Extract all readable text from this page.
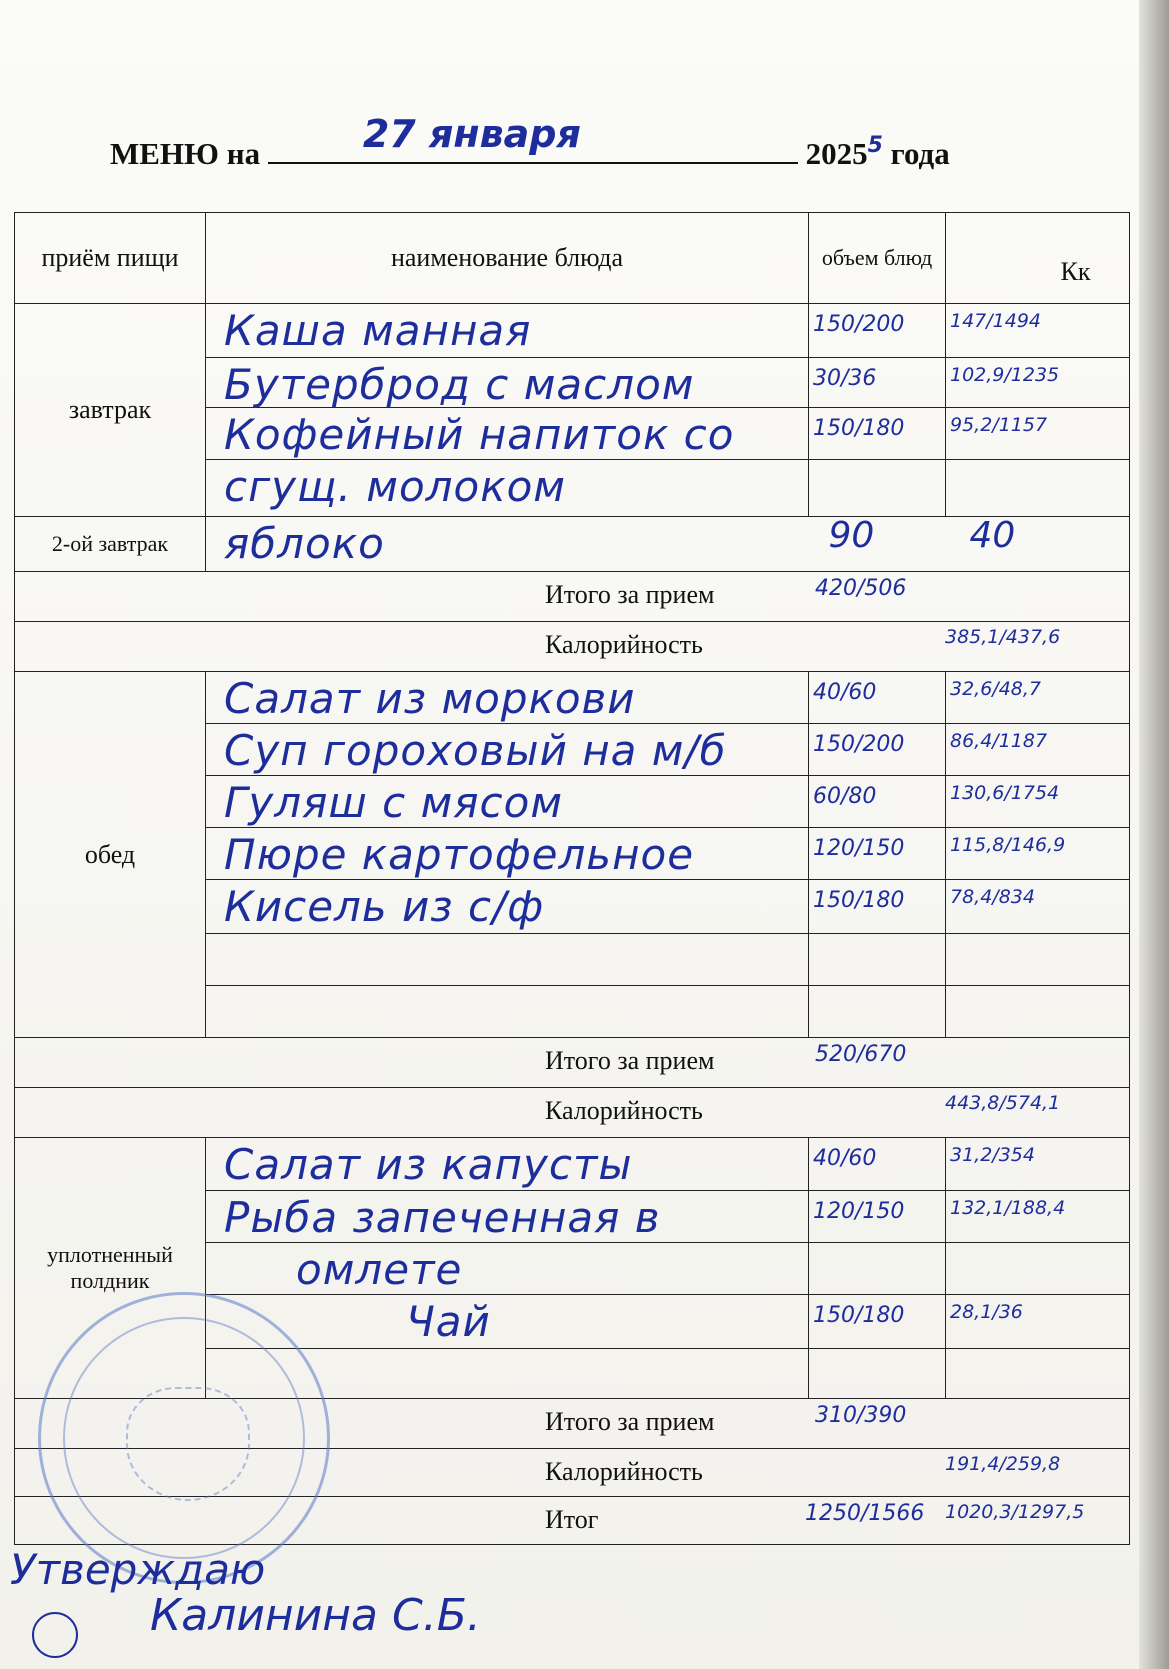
МЕНЮ на	27 января	2025$^5$ года
приём пищи	наименование блюда	объем блюд	Кк
завтрак	Каша манная	150/200	147/1494

	Бутерброд с маслом	30/36	102,9/1235

	Кофейный напиток со	150/180	95,2/1157

	сгущ. молоком		

2-ой завтрак	яблоко	90	40

Итого за прием 420/506			

Калорийность 385,1/437,6			

обед	Салат из моркови	40/60	32,6/48,7

	Суп гороховый на м/б	150/200	86,4/1187

	Гуляш с мясом	60/80	130,6/1754

	Пюре картофельное	120/150	115,8/146,9

	Кисель из с/ф	150/180	78,4/834

Итого за прием 520/670			

Калорийность 443,8/574,1			

уплотненный полдник	Салат из капусты	40/60	31,2/354

	Рыба запеченная в	120/150	132,1/188,4

	омлете		

	Чай	150/180	28,1/36

Итого за прием 310/390			

Калорийность 191,4/259,8			

Итог 1250/1566 1020,3/1297,5			
Утверждаю
Калинина С.Б.
